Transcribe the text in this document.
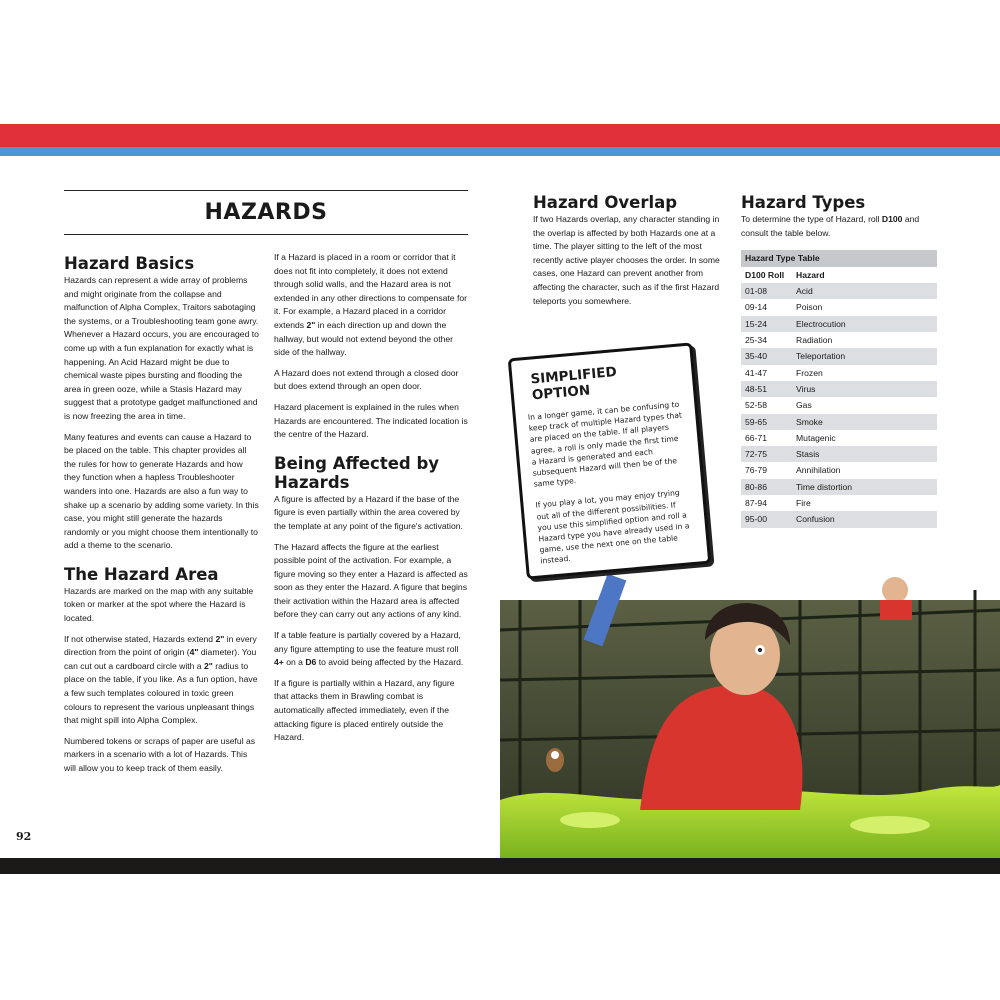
HAZARDS
Hazard Basics

Hazards can represent a wide array of problems and might originate from the collapse and malfunction of Alpha Complex, Traitors sabotaging the systems, or a Troubleshooting team gone awry. Whenever a Hazard occurs, you are encouraged to come up with a fun explanation for exactly what is happening. An Acid Hazard might be due to chemical waste pipes bursting and flooding the area in green ooze, while a Stasis Hazard may suggest that a prototype gadget malfunctioned and is now freezing the area in time.

Many features and events can cause a Hazard to be placed on the table. This chapter provides all the rules for how to generate Hazards and how they function when a hapless Troubleshooter wanders into one. Hazards are also a fun way to shake up a scenario by adding some variety. In this case, you might still generate the hazards randomly or you might choose them intentionally to add a theme to the scenario.

The Hazard Area

Hazards are marked on the map with any suitable token or marker at the spot where the Hazard is located.

If not otherwise stated, Hazards extend 2" in every direction from the point of origin (4" diameter). You can cut out a cardboard circle with a 2" radius to place on the table, if you like. As a fun option, have a few such templates coloured in toxic green colours to represent the various unpleasant things that might spill into Alpha Complex.

Numbered tokens or scraps of paper are useful as markers in a scenario with a lot of Hazards. This will allow you to keep track of them easily.

If a Hazard is placed in a room or corridor that it does not fit into completely, it does not extend through solid walls, and the Hazard area is not extended in any other directions to compensate for it. For example, a Hazard placed in a corridor extends 2" in each direction up and down the hallway, but would not extend beyond the other side of the hallway.

A Hazard does not extend through a closed door but does extend through an open door.

Hazard placement is explained in the rules when Hazards are encountered. The indicated location is the centre of the Hazard.

Being Affected by Hazards

A figure is affected by a Hazard if the base of the figure is even partially within the area covered by the template at any point of the figure's activation.

The Hazard affects the figure at the earliest possible point of the activation. For example, a figure moving so they enter a Hazard is affected as soon as they enter the Hazard. A figure that begins their activation within the Hazard area is affected before they can carry out any actions of any kind.

If a table feature is partially covered by a Hazard, any figure attempting to use the feature must roll 4+ on a D6 to avoid being affected by the Hazard.

If a figure is partially within a Hazard, any figure that attacks them in Brawling combat is automatically affected immediately, even if the attacking figure is placed entirely outside the Hazard.

Hazard Overlap

If two Hazards overlap, any character standing in the overlap is affected by both Hazards one at a time. The player sitting to the left of the most recently active player chooses the order. In some cases, one Hazard can prevent another from affecting the character, such as if the first Hazard teleports you somewhere.

Hazard Types

To determine the type of Hazard, roll D100 and consult the table below.

Hazard Type Table
D100 Roll	Hazard
01-08	Acid
09-14	Poison
15-24	Electrocution
25-34	Radiation
35-40	Teleportation
41-47	Frozen
48-51	Virus
52-58	Gas
59-65	Smoke
66-71	Mutagenic
72-75	Stasis
76-79	Annihilation
80-86	Time distortion
87-94	Fire
95-00	Confusion
SIMPLIFIED OPTION

In a longer game, it can be confusing to keep track of multiple Hazard types that are placed on the table. If all players agree, a roll is only made the first time a Hazard is generated and each subsequent Hazard will then be of the same type.

If you play a lot, you may enjoy trying out all of the different possibilities. If you use this simplified option and roll a Hazard type you have already used in a game, use the next one on the table instead.

92
